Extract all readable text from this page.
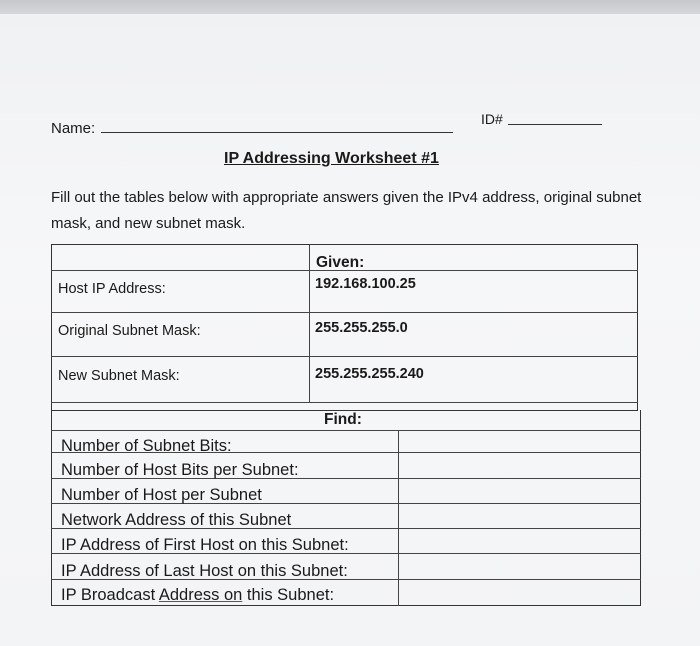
Name:
ID#
IP Addressing Worksheet #1
Fill out the tables below with appropriate answers given the IPv4 address, original subnet mask, and new subnet mask.
Given:
Host IP Address:	192.168.100.25
Original Subnet Mask:	255.255.255.0
New Subnet Mask:	255.255.255.240
Find:
Number of Subnet Bits:
Number of Host Bits per Subnet:
Number of Host per Subnet
Network Address of this Subnet
IP Address of First Host on this Subnet:
IP Address of Last Host on this Subnet:
IP Broadcast Address on this Subnet:
